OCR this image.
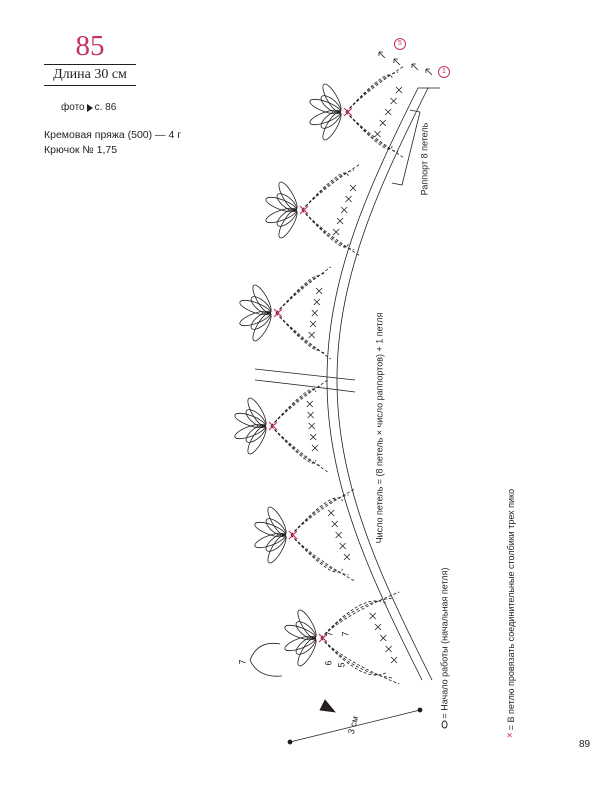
85
Длина 30 см
фото с. 86
Кремовая пряжа (500) — 4 г
Крючок № 1,75	Раппорт 8 петель
Число петель = (8 петель × число раппортов) + 1 петля
1
5
7	6 5
7 7
3 см
= Начало работы (начальная петля)
×
= В петлю провязать соединительные столбики трех пико
89
